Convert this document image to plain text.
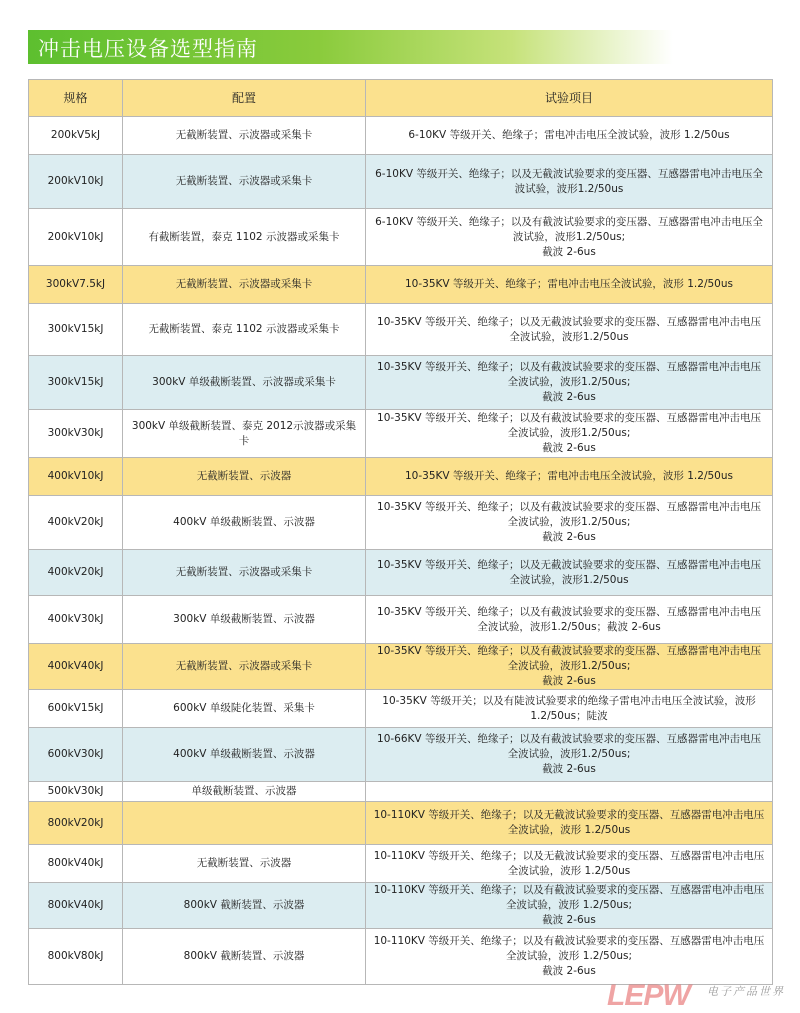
冲击电压设备选型指南
规格	配置	试验项目
200kV5kJ	无截断装置、示波器或采集卡	6-10KV 等级开关、绝缘子；雷电冲击电压全波试验，波形 1.2/50us
200kV10kJ	无截断装置、示波器或采集卡	6-10KV 等级开关、绝缘子；以及无截波试验要求的变压器、互感器雷电冲击电压全波试验，波形1.2/50us
200kV10kJ	有截断装置，泰克 1102 示波器或采集卡	6-10KV 等级开关、绝缘子；以及有截波试验要求的变压器、互感器雷电冲击电压全波试验，波形1.2/50us;
截波 2-6us
300kV7.5kJ	无截断装置、示波器或采集卡	10-35KV 等级开关、绝缘子；雷电冲击电压全波试验，波形 1.2/50us
300kV15kJ	无截断装置、泰克 1102 示波器或采集卡	10-35KV 等级开关、绝缘子；以及无截波试验要求的变压器、互感器雷电冲击电压全波试验，波形1.2/50us
300kV15kJ	300kV 单级截断装置、示波器或采集卡	10-35KV 等级开关、绝缘子；以及有截波试验要求的变压器、互感器雷电冲击电压全波试验，波形1.2/50us;
截波 2-6us
300kV30kJ	300kV 单级截断装置、泰克 2012示波器或采集卡	10-35KV 等级开关、绝缘子；以及有截波试验要求的变压器、互感器雷电冲击电压全波试验，波形1.2/50us;
截波 2-6us
400kV10kJ	无截断装置、示波器	10-35KV 等级开关、绝缘子；雷电冲击电压全波试验，波形 1.2/50us
400kV20kJ	400kV 单级截断装置、示波器	10-35KV 等级开关、绝缘子；以及有截波试验要求的变压器、互感器雷电冲击电压全波试验，波形1.2/50us;
截波 2-6us
400kV20kJ	无截断装置、示波器或采集卡	10-35KV 等级开关、绝缘子；以及无截波试验要求的变压器、互感器雷电冲击电压全波试验，波形1.2/50us
400kV30kJ	300kV 单级截断装置、示波器	10-35KV 等级开关、绝缘子；以及有截波试验要求的变压器、互感器雷电冲击电压全波试验，波形1.2/50us；截波 2-6us
400kV40kJ	无截断装置、示波器或采集卡	10-35KV 等级开关、绝缘子；以及有截波试验要求的变压器、互感器雷电冲击电压全波试验，波形1.2/50us;
截波 2-6us
600kV15kJ	600kV 单级陡化装置、采集卡	10-35KV 等级开关；以及有陡波试验要求的绝缘子雷电冲击电压全波试验，波形1.2/50us；陡波
600kV30kJ	400kV 单级截断装置、示波器	10-66KV 等级开关、绝缘子；以及有截波试验要求的变压器、互感器雷电冲击电压全波试验，波形1.2/50us;
截波 2-6us
500kV30kJ	单级截断装置、示波器	
800kV20kJ		10-110KV 等级开关、绝缘子；以及无截波试验要求的变压器、互感器雷电冲击电压全波试验，波形 1.2/50us
800kV40kJ	无截断装置、示波器	10-110KV 等级开关、绝缘子；以及无截波试验要求的变压器、互感器雷电冲击电压全波试验，波形 1.2/50us
800kV40kJ	800kV 截断装置、示波器	10-110KV 等级开关、绝缘子；以及有截波试验要求的变压器、互感器雷电冲击电压全波试验，波形 1.2/50us;
截波 2-6us
800kV80kJ	800kV 截断装置、示波器	10-110KV 等级开关、绝缘子；以及有截波试验要求的变压器、互感器雷电冲击电压全波试验，波形 1.2/50us;
截波 2-6us
LEPW 电子产品世界
